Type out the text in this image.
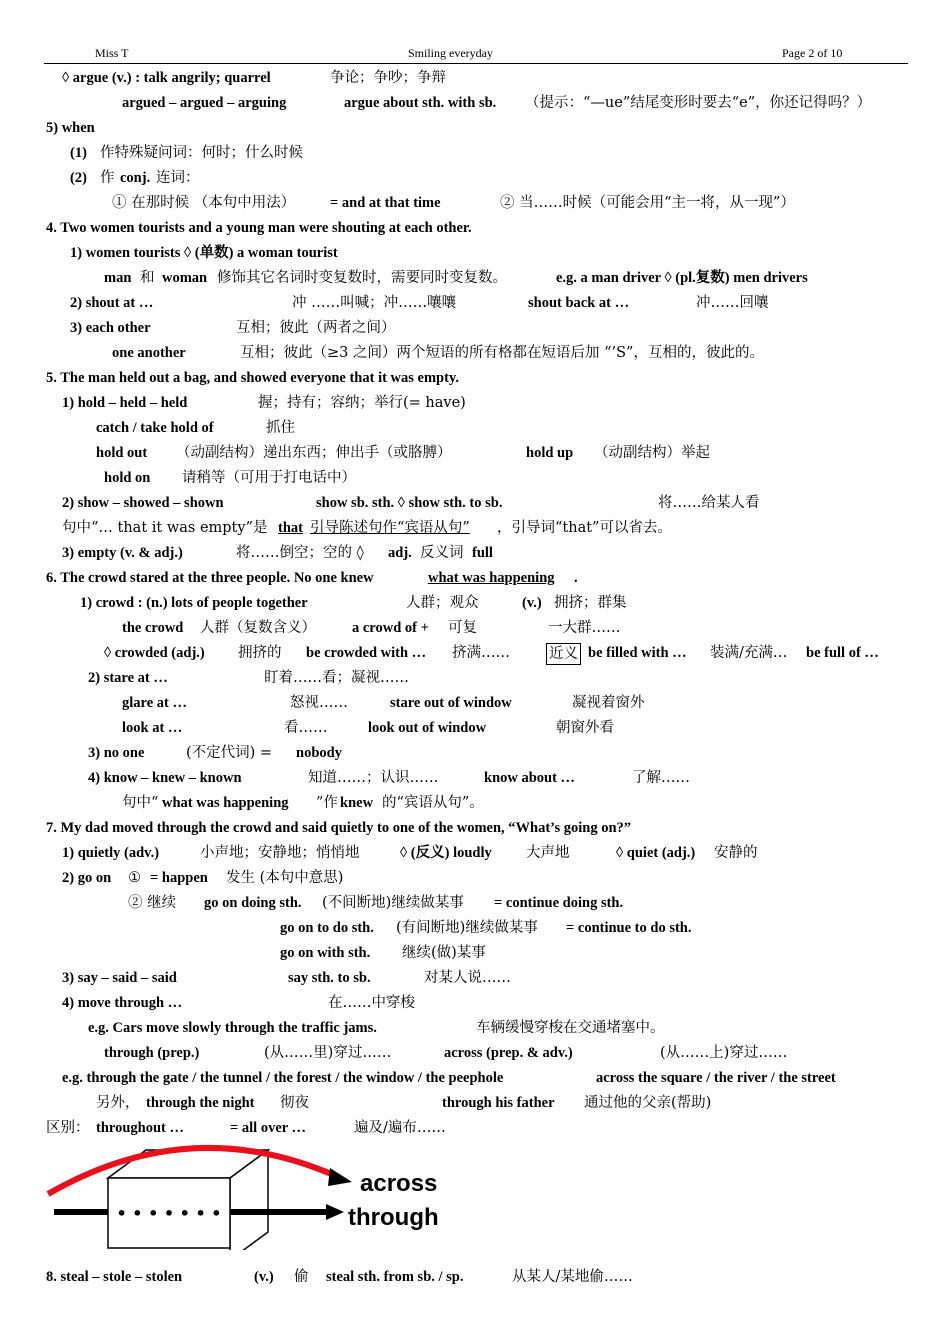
Miss T	Smiling everyday	Page 2 of 10
◊ argue (v.) : talk angrily; quarrel	争论；争吵；争辩
argued – argued – arguing	argue about sth. with sb. （提示：“—ue”结尾变形时要去“e”，你还记得吗？）
5) when
(1) 作特殊疑问词：何时；什么时候
(2) 作 conj. 连词：
① 在那时候 （本句中用法） = and at that time	② 当……时候（可能会用“主一将，从一现”）
4. Two women tourists and a young man were shouting at each other.
1) women tourists ◊ (单数) a woman tourist
man 和 woman 修饰其它名词时变复数时，需要同时变复数。	e.g. a man driver ◊ (pl.复数) men drivers
2) shout at …	冲 ……叫喊；冲……嚷嚷	shout back at …	冲……回嚷
3) each other	互相；彼此（两者之间）
one another	互相；彼此（≥3 之间）两个短语的所有格都在短语后加 “’S”，互相的，彼此的。
5. The man held out a bag, and showed everyone that it was empty.
1) hold – held – held	握；持有；容纳；举行(= have)
catch / take hold of	抓住
hold out （动副结构）递出东西；伸出手（或胳膊）	hold up （动副结构）举起
hold on 请稍等（可用于打电话中）
2) show – showed – shown	show sb. sth. ◊ show sth. to sb.	将……给某人看
句中“… that it was empty”是 that 引导陈述句作“宾语从句” ，引导词“that”可以省去。
3) empty (v. & adj.)	将……倒空；空的 ◊ adj. 反义词 full
6. The crowd stared at the three people. No one knew	what was happening .
1) crowd : (n.) lots of people together	人群；观众	(v.) 拥挤；群集
the crowd 人群（复数含义） a crowd of + 可复	一大群……
◊ crowded (adj.) 拥挤的 be crowded with … 挤满……	近义 be filled with … 装满/充满… be full of …
2) stare at …	盯着……看；凝视……
glare at …	怒视……	stare out of window	凝视着窗外
look at …	看……	look out of window	朝窗外看
3) no one	(不定代词) = nobody
4) know – knew – known	知道……；认识……	know about …	了解……
句中“ what was happening ”作 knew 的“宾语从句”。
7. My dad moved through the crowd and said quietly to one of the women, “What’s going on?”
1) quietly (adv.)	小声地；安静地；悄悄地	◊ (反义) loudly 大声地	◊ quiet (adj.) 安静的
2) go on ① = happen 发生 (本句中意思)
② 继续 go on doing sth. (不间断地)继续做某事 = continue doing sth.
go on to do sth. (有间断地)继续做某事 = continue to do sth.
go on with sth. 继续(做)某事
3) say – said – said	say sth. to sb.	对某人说……
4) move through …	在……中穿梭
e.g. Cars move slowly through the traffic jams.	车辆缓慢穿梭在交通堵塞中。
through (prep.)	(从……里)穿过……	across (prep. & adv.)	(从……上)穿过……
e.g. through the gate / the tunnel / the forest / the window / the peephole	across the square / the river / the street
另外， through the night 彻夜	through his father 通过他的父亲(帮助)
区别： throughout …	= all over …	遍及/遍布……
8. steal – stole – stolen	(v.) 偷 steal sth. from sb. / sp.	从某人/某地偷……
• • • • • • •
across
through
